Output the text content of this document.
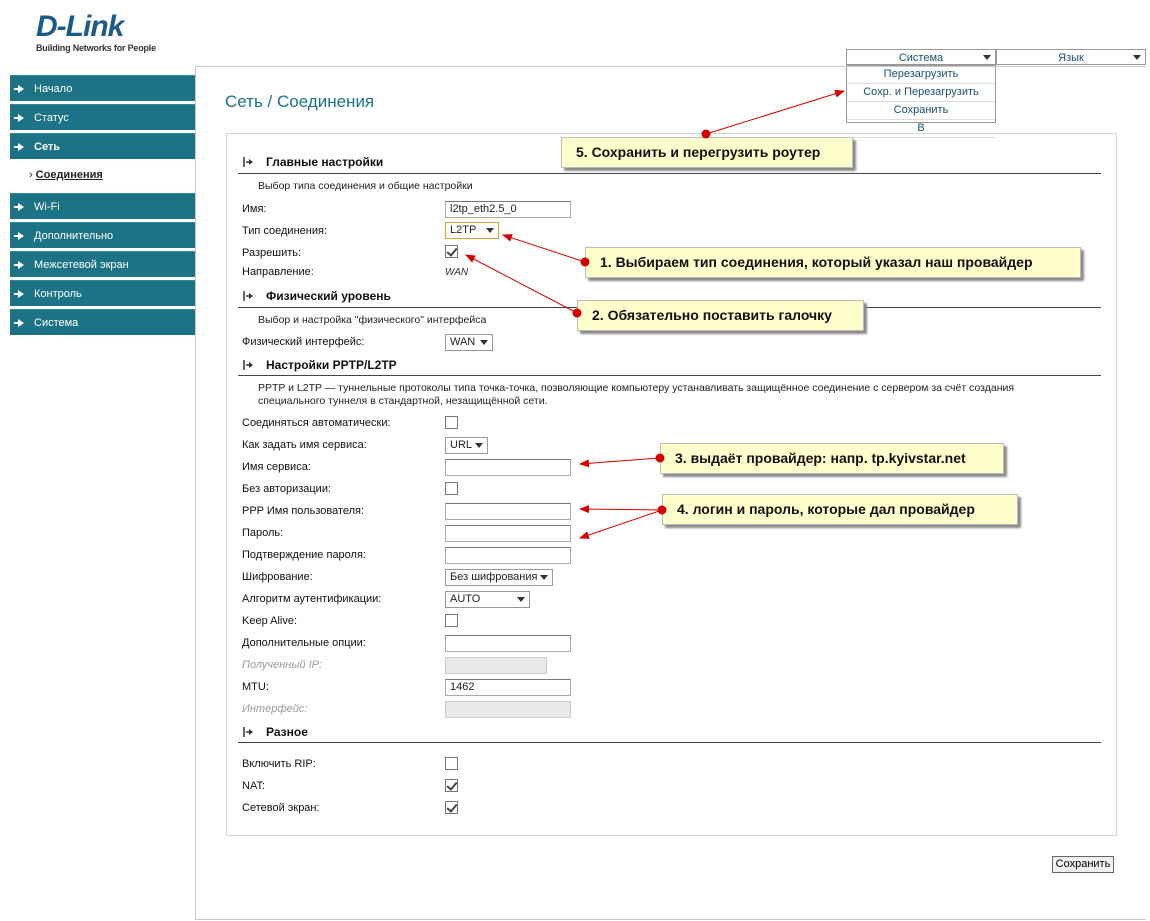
D-Link
Building Networks for People
Система	Язык
Перезагрузить
Сохр. и Перезагрузить
Сохранить
В
Начало
Статус
Сеть
› Соединения
Wi-Fi
Дополнительно
Межсетевой экран
Контроль
Система
Сеть / Соединения
Главные настройки
Выбор типа соединения и общие настройки
Имя:	l2tp_eth2.5_0
Тип соединения:	L2TP
Разрешить:
Направление:	WAN
Физический уровень
Выбор и настройка "физического" интерфейса
Физический интерфейс:	WAN
Настройки PPTP/L2TP
PPTP и L2TP — туннельные протоколы типа точка-точка, позволяющие компьютеру устанавливать защищённое соединение с сервером за счёт создания
специального туннеля в стандартной, незащищённой сети.
Соединяться автоматически:
Как задать имя сервиса:	URL
Имя сервиса:
Без авторизации:
PPP Имя пользователя:
Пароль:
Подтверждение пароля:
Шифрование:	Без шифрования
Алгоритм аутентификации:	AUTO
Keep Alive:
Дополнительные опции:
Полученный IP:
MTU:	1462
Интерфейс:
Разное
Включить RIP:
NAT:
Сетевой экран:
Сохранить
5. Сохранить и перегрузить роутер
1. Выбираем тип соединения, который указал наш провайдер
2. Обязательно поставить галочку
3. выдаёт провайдер: напр. tp.kyivstar.net
4. логин и пароль, которые дал провайдер
